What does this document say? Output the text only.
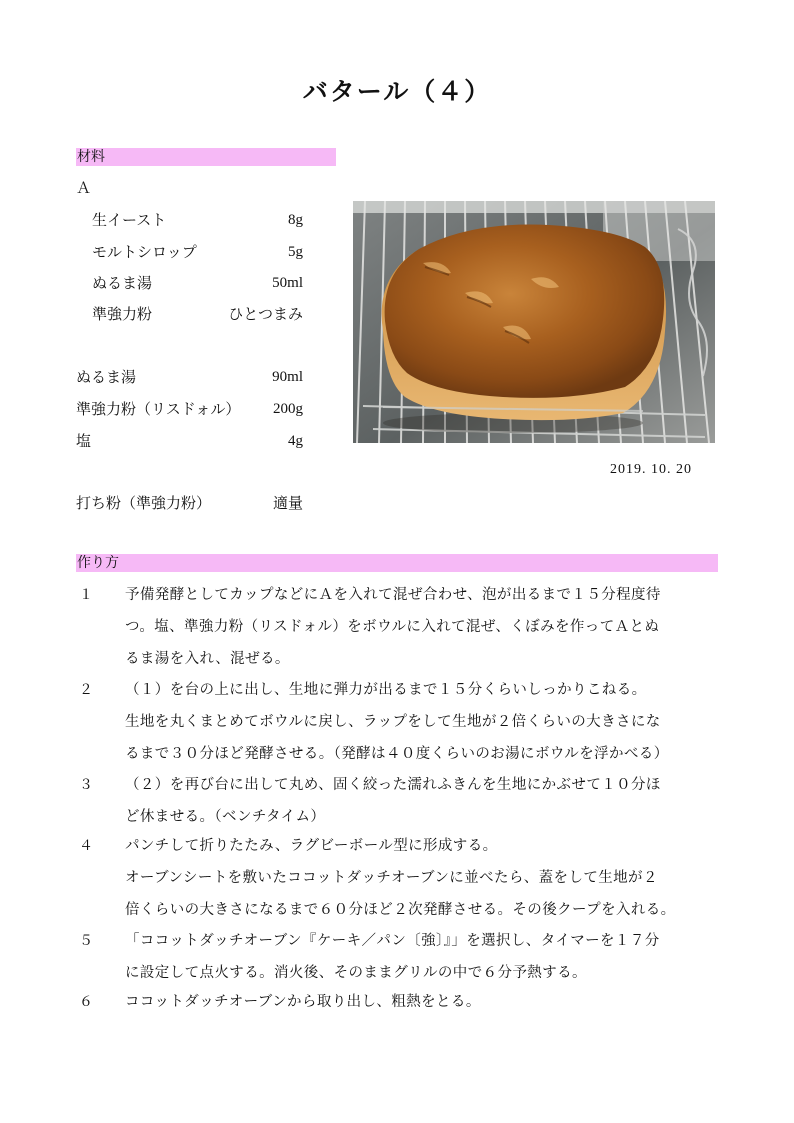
バタール（４）
材料
Ａ
生イースト	8g
モルトシロップ	5g
ぬるま湯	50ml
準強力粉	ひとつまみ
ぬるま湯	90ml
準強力粉（リスドォル） 200g
塩	4g
打ち粉（準強力粉）	適量
2019. 10. 20
作り方
１ 予備発酵としてカップなどにＡを入れて混ぜ合わせ、泡が出るまで１５分程度待
つ。塩、準強力粉（リスドォル）をボウルに入れて混ぜ、くぼみを作ってＡとぬ
るま湯を入れ、混ぜる。
２ （１）を台の上に出し、生地に弾力が出るまで１５分くらいしっかりこねる。
生地を丸くまとめてボウルに戻し、ラップをして生地が２倍くらいの大きさにな
るまで３０分ほど発酵させる。（発酵は４０度くらいのお湯にボウルを浮かべる）
３ （２）を再び台に出して丸め、固く絞った濡れふきんを生地にかぶせて１０分ほ
ど休ませる。（ベンチタイム）
４ パンチして折りたたみ、ラグビーボール型に形成する。
オーブンシートを敷いたココットダッチオーブンに並べたら、蓋をして生地が２
倍くらいの大きさになるまで６０分ほど２次発酵させる。その後クープを入れる。
５ 「ココットダッチオーブン『ケーキ／パン〔強〕』」を選択し、タイマーを１７分
に設定して点火する。消火後、そのままグリルの中で６分予熱する。
６ ココットダッチオーブンから取り出し、粗熱をとる。
